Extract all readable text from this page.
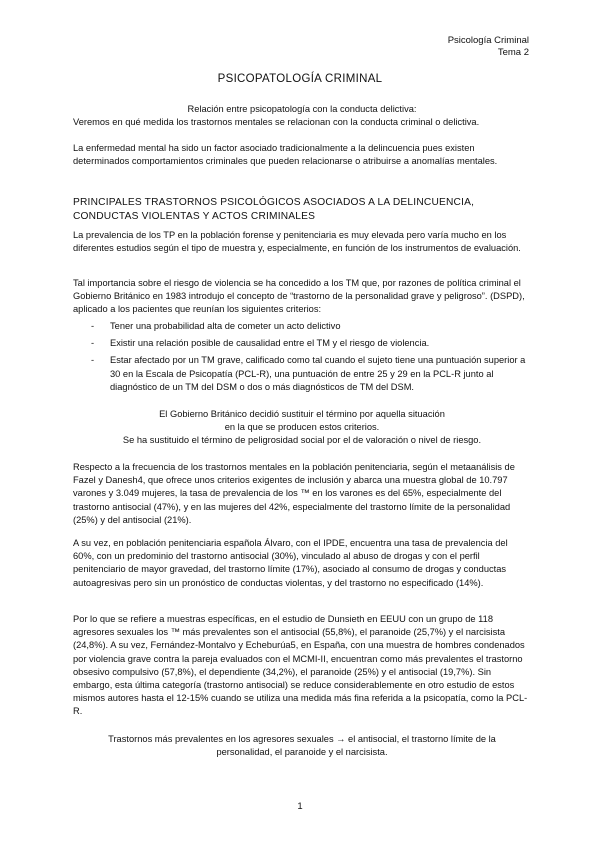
Psicología Criminal
Tema 2
PSICOPATOLOGÍA CRIMINAL

Relación entre psicopatología con la conducta delictiva:

Veremos en qué medida los trastornos mentales se relacionan con la conducta criminal o delictiva.

La enfermedad mental ha sido un factor asociado tradicionalmente a la delincuencia pues existen determinados comportamientos criminales que pueden relacionarse o atribuirse a anomalías mentales.

PRINCIPALES TRASTORNOS PSICOLÓGICOS ASOCIADOS A LA DELINCUENCIA,

CONDUCTAS VIOLENTAS Y ACTOS CRIMINALES

La prevalencia de los TP en la población forense y penitenciaria es muy elevada pero varía mucho en los diferentes estudios según el tipo de muestra y, especialmente, en función de los instrumentos de evaluación.

Tal importancia sobre el riesgo de violencia se ha concedido a los TM que, por razones de política criminal el Gobierno Británico en 1983 introdujo el concepto de “trastorno de la personalidad grave y peligroso”. (DSPD), aplicado a los pacientes que reunían los siguientes criterios:

- Tener una probabilidad alta de cometer un acto delictivo
- Existir una relación posible de causalidad entre el TM y el riesgo de violencia.
- Estar afectado por un TM grave, calificado como tal cuando el sujeto tiene una puntuación superior a 30 en la Escala de Psicopatía (PCL-R), una puntuación de entre 25 y 29 en la PCL-R junto al diagnóstico de un TM del DSM o dos o más diagnósticos de TM del DSM.

El Gobierno Británico decidió sustituir el término por aquella situación

en la que se producen estos criterios.

Se ha sustituido el término de peligrosidad social por el de valoración o nivel de riesgo.

Respecto a la frecuencia de los trastornos mentales en la población penitenciaria, según el metaanálisis de Fazel y Danesh4, que ofrece unos criterios exigentes de inclusión y abarca una muestra global de 10.797 varones y 3.049 mujeres, la tasa de prevalencia de los ™ en los varones es del 65%, especialmente del trastorno antisocial (47%), y en las mujeres del 42%, especialmente del trastorno límite de la personalidad (25%) y del antisocial (21%).

A su vez, en población penitenciaria española Álvaro, con el IPDE, encuentra una tasa de prevalencia del 60%, con un predominio del trastorno antisocial (30%), vinculado al abuso de drogas y con el perfil penitenciario de mayor gravedad, del trastorno límite (17%), asociado al consumo de drogas y conductas autoagresivas pero sin un pronóstico de conductas violentas, y del trastorno no especificado (14%).

Por lo que se refiere a muestras específicas, en el estudio de Dunsieth en EEUU con un grupo de 118 agresores sexuales los ™ más prevalentes son el antisocial (55,8%), el paranoide (25,7%) y el narcisista (24,8%). A su vez, Fernández-Montalvo y Echeburúa5, en España, con una muestra de hombres condenados por violencia grave contra la pareja evaluados con el MCMI-II, encuentran como más prevalentes el trastorno obsesivo compulsivo (57,8%), el dependiente (34,2%), el paranoide (25%) y el antisocial (19,7%). Sin embargo, esta última categoría (trastorno antisocial) se reduce considerablemente en otro estudio de estos mismos autores hasta el 12-15% cuando se utiliza una medida más fina referida a la psicopatía, como la PCL-R.

Trastornos más prevalentes en los agresores sexuales → el antisocial, el trastorno límite de la

personalidad, el paranoide y el narcisista.

1
